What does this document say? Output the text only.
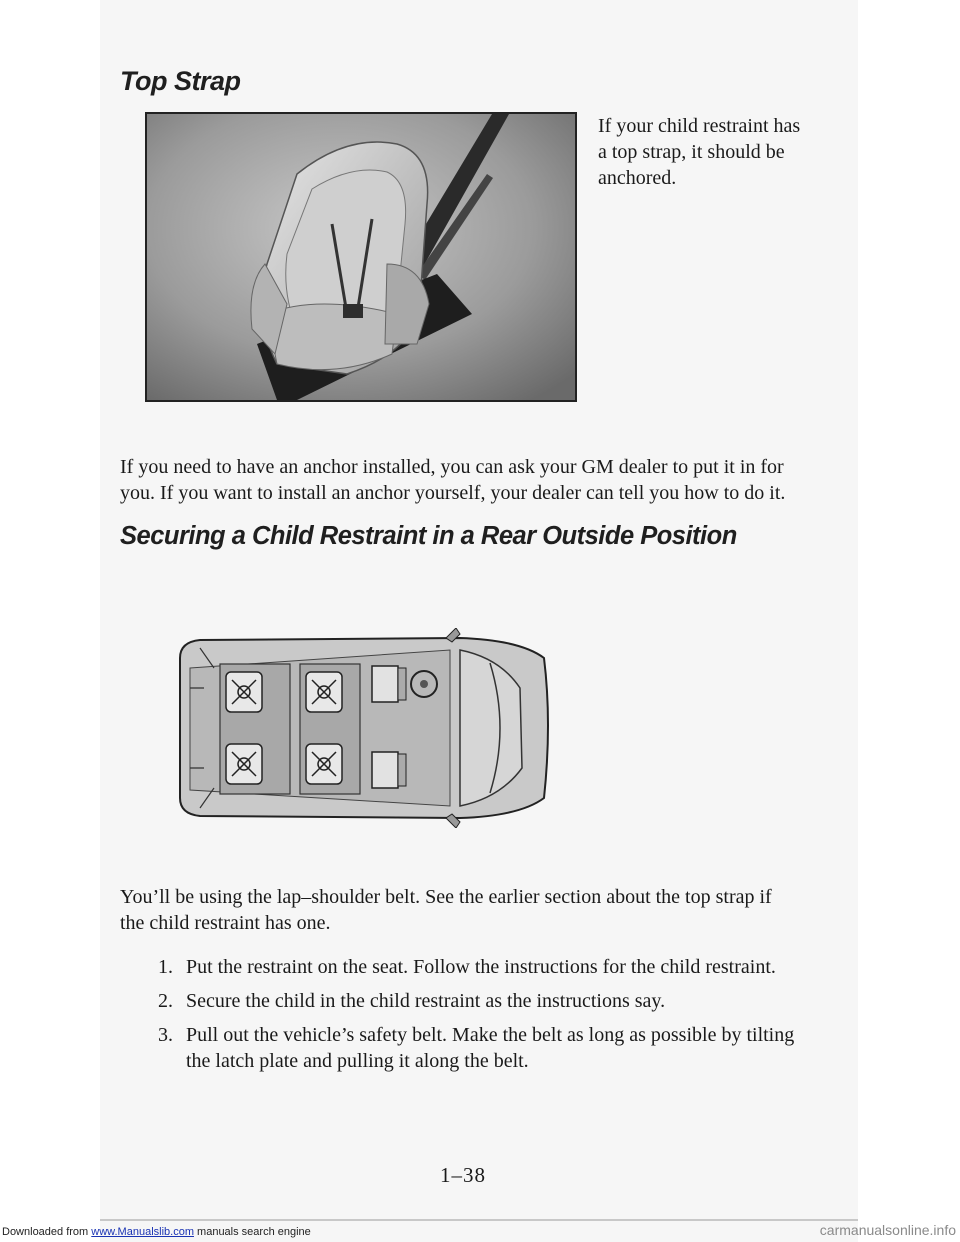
Top Strap

If your child restraint has a top strap, it should be anchored.

If you need to have an anchor installed, you can ask your GM dealer to put it in for you. If you want to install an anchor yourself, your dealer can tell you how to do it.

Securing a Child Restraint in a Rear Outside Position

You’ll be using the lap–shoulder belt. See the earlier section about the top strap if the child restraint has one.

1. Put the restraint on the seat. Follow the instructions for the child restraint.
2. Secure the child in the child restraint as the instructions say.
3. Pull out the vehicle’s safety belt. Make the belt as long as possible by tilting the latch plate and pulling it along the belt.
1–38
Downloaded from www.Manualslib.com manuals search engine	carmanualsonline.info
